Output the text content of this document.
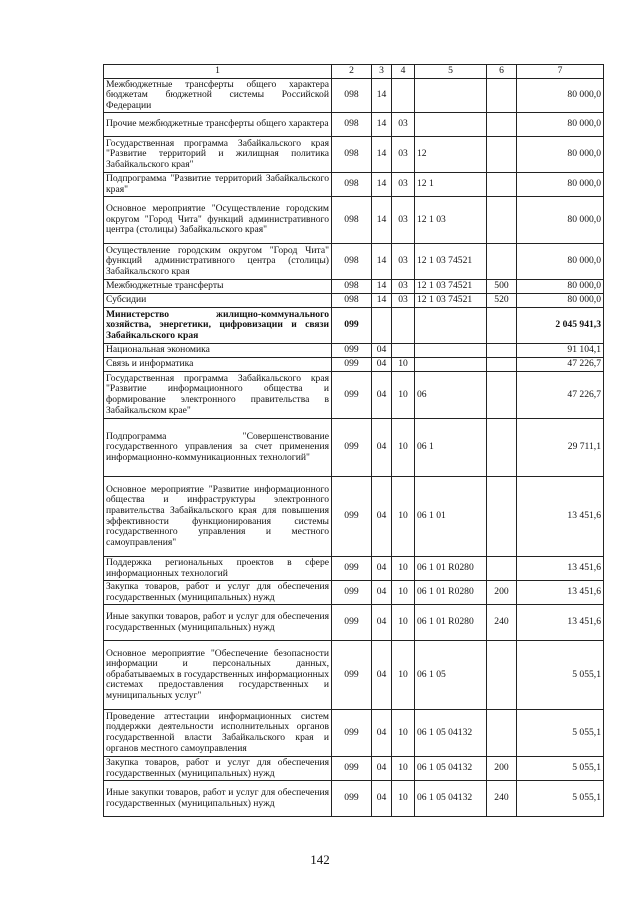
1	2	3	4	5	6	7
Межбюджетные трансферты общего характера бюджетам бюджетной системы Российской Федерации	098	14				80 000,0
Прочие межбюджетные трансферты общего характера	098	14	03			80 000,0
Государственная программа Забайкальского края "Развитие территорий и жилищная политика Забайкальского края"	098	14	03	12		80 000,0
Подпрограмма "Развитие территорий Забайкальского края"	098	14	03	12 1		80 000,0
Основное мероприятие "Осуществление городским округом "Город Чита" функций административного центра (столицы) Забайкальского края"	098	14	03	12 1 03		80 000,0
Осуществление городским округом "Город Чита" функций административного центра (столицы) Забайкальского края	098	14	03	12 1 03 74521		80 000,0
Межбюджетные трансферты	098	14	03	12 1 03 74521	500	80 000,0
Субсидии	098	14	03	12 1 03 74521	520	80 000,0
Министерство жилищно-коммунального хозяйства, энергетики, цифровизации и связи Забайкальского края	099					2 045 941,3
Национальная экономика	099	04				91 104,1
Связь и информатика	099	04	10			47 226,7
Государственная программа Забайкальского края "Развитие информационного общества и формирование электронного правительства в Забайкальском крае"	099	04	10	06		47 226,7
Подпрограмма "Совершенствование государственного управления за счет применения информационно-коммуникационных технологий"	099	04	10	06 1		29 711,1
Основное мероприятие "Развитие информационного общества и инфраструктуры электронного правительства Забайкальского края для повышения эффективности функционирования системы государственного управления и местного самоуправления"	099	04	10	06 1 01		13 451,6
Поддержка региональных проектов в сфере информационных технологий	099	04	10	06 1 01 R0280		13 451,6
Закупка товаров, работ и услуг для обеспечения государственных (муниципальных) нужд	099	04	10	06 1 01 R0280	200	13 451,6
Иные закупки товаров, работ и услуг для обеспечения государственных (муниципальных) нужд	099	04	10	06 1 01 R0280	240	13 451,6
Основное мероприятие "Обеспечение безопасности информации и персональных данных, обрабатываемых в государственных информационных системах предоставления государственных и муниципальных услуг"	099	04	10	06 1 05		5 055,1
Проведение аттестации информационных систем поддержки деятельности исполнительных органов государственной власти Забайкальского края и органов местного самоуправления	099	04	10	06 1 05 04132		5 055,1
Закупка товаров, работ и услуг для обеспечения государственных (муниципальных) нужд	099	04	10	06 1 05 04132	200	5 055,1
Иные закупки товаров, работ и услуг для обеспечения государственных (муниципальных) нужд	099	04	10	06 1 05 04132	240	5 055,1
142
